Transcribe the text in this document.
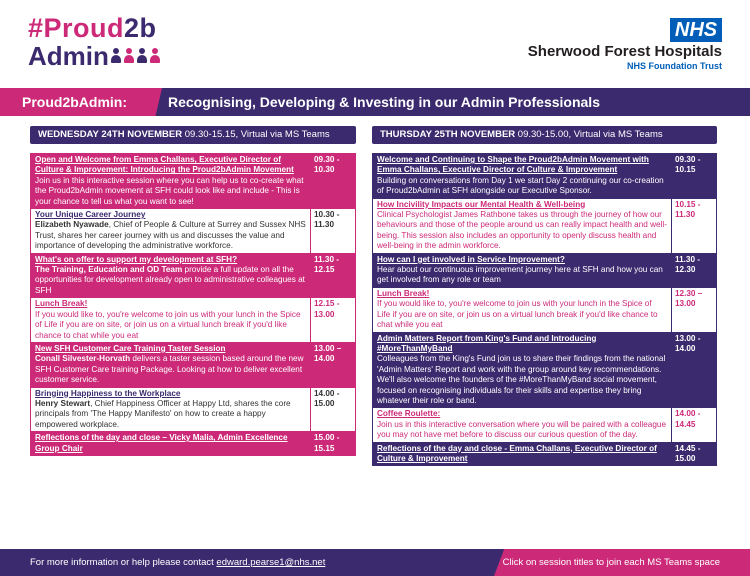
#Proud2b
Admin
NHS
Sherwood Forest Hospitals
NHS Foundation Trust
Proud2bAdmin:	Recognising, Developing & Investing in our Admin Professionals
WEDNESDAY 24TH NOVEMBER 09.30-15.15, Virtual via MS Teams
Open and Welcome from Emma Challans, Executive Director of Culture & Improvement: Introducing the Proud2bAdmin Movement
Join us in this interactive session where you can help us to co-create what the Proud2bAdmin movement at SFH could look like and include - This is your chance to tell us what you want to see!
09.30 - 10.30
Your Unique Career Journey
Elizabeth Nyawade, Chief of People & Culture at Surrey and Sussex NHS Trust, shares her career journey with us and discusses the value and importance of developing the administrative workforce.
10.30 - 11.30
What's on offer to support my development at SFH?
The Training, Education and OD Team provide a full update on all the opportunities for development already open to administrative colleagues at SFH
11.30 - 12.15
Lunch Break!
If you would like to, you're welcome to join us with your lunch in the Spice of Life if you are on site, or join us on a virtual lunch break if you'd like chance to chat while you eat
12.15 - 13.00
New SFH Customer Care Training Taster Session
Conall Silvester-Horvath delivers a taster session based around the new SFH Customer Care training Package. Looking at how to deliver excellent customer service.
13.00 – 14.00
Bringing Happiness to the Workplace
Henry Stewart, Chief Happiness Officer at Happy Ltd, shares the core principals from 'The Happy Manifesto' on how to create a happy empowered workplace.
14.00 - 15.00
Reflections of the day and close – Vicky Malia, Admin Excellence Group Chair
15.00 - 15.15
THURSDAY 25TH NOVEMBER 09.30-15.00, Virtual via MS Teams
Welcome and Continuing to Shape the Proud2bAdmin Movement with Emma Challans, Executive Director of Culture & Improvement
Building on conversations from Day 1 we start Day 2 continuing our co-creation of Proud2bAdmin at SFH alongside our Executive Sponsor.
09.30 - 10.15
How Incivility Impacts our Mental Health & Well-being
Clinical Psychologist James Rathbone takes us through the journey of how our behaviours and those of the people around us can really impact health and well-being. This session also includes an opportunity to openly discuss health and well-being in the admin workforce.
10.15 - 11.30
How can I get involved in Service Improvement?
Hear about our continuous improvement journey here at SFH and how you can get involved from any role or team
11.30 - 12.30
Lunch Break!
If you would like to, you're welcome to join us with your lunch in the Spice of Life if you are on site, or join us on a virtual lunch break if you'd like chance to chat while you eat
12.30 – 13.00
Admin Matters Report from King's Fund and Introducing #MoreThanMyBand
Colleagues from the King's Fund join us to share their findings from the national 'Admin Matters' Report and work with the group around key recommendations. We'll also welcome the founders of the #MoreThanMyBand social movement, focused on recognising individuals for their skills and expertise they bring whatever their role or band.
13.00 - 14.00
Coffee Roulette:
Join us in this interactive conversation where you will be paired with a colleague you may not have met before to discuss our curious question of the day.
14.00 - 14.45
Reflections of the day and close - Emma Challans, Executive Director of Culture & Improvement
14.45 - 15.00
For more information or help please contact edward.pearse1@nhs.net	Click on session titles to join each MS Teams space
